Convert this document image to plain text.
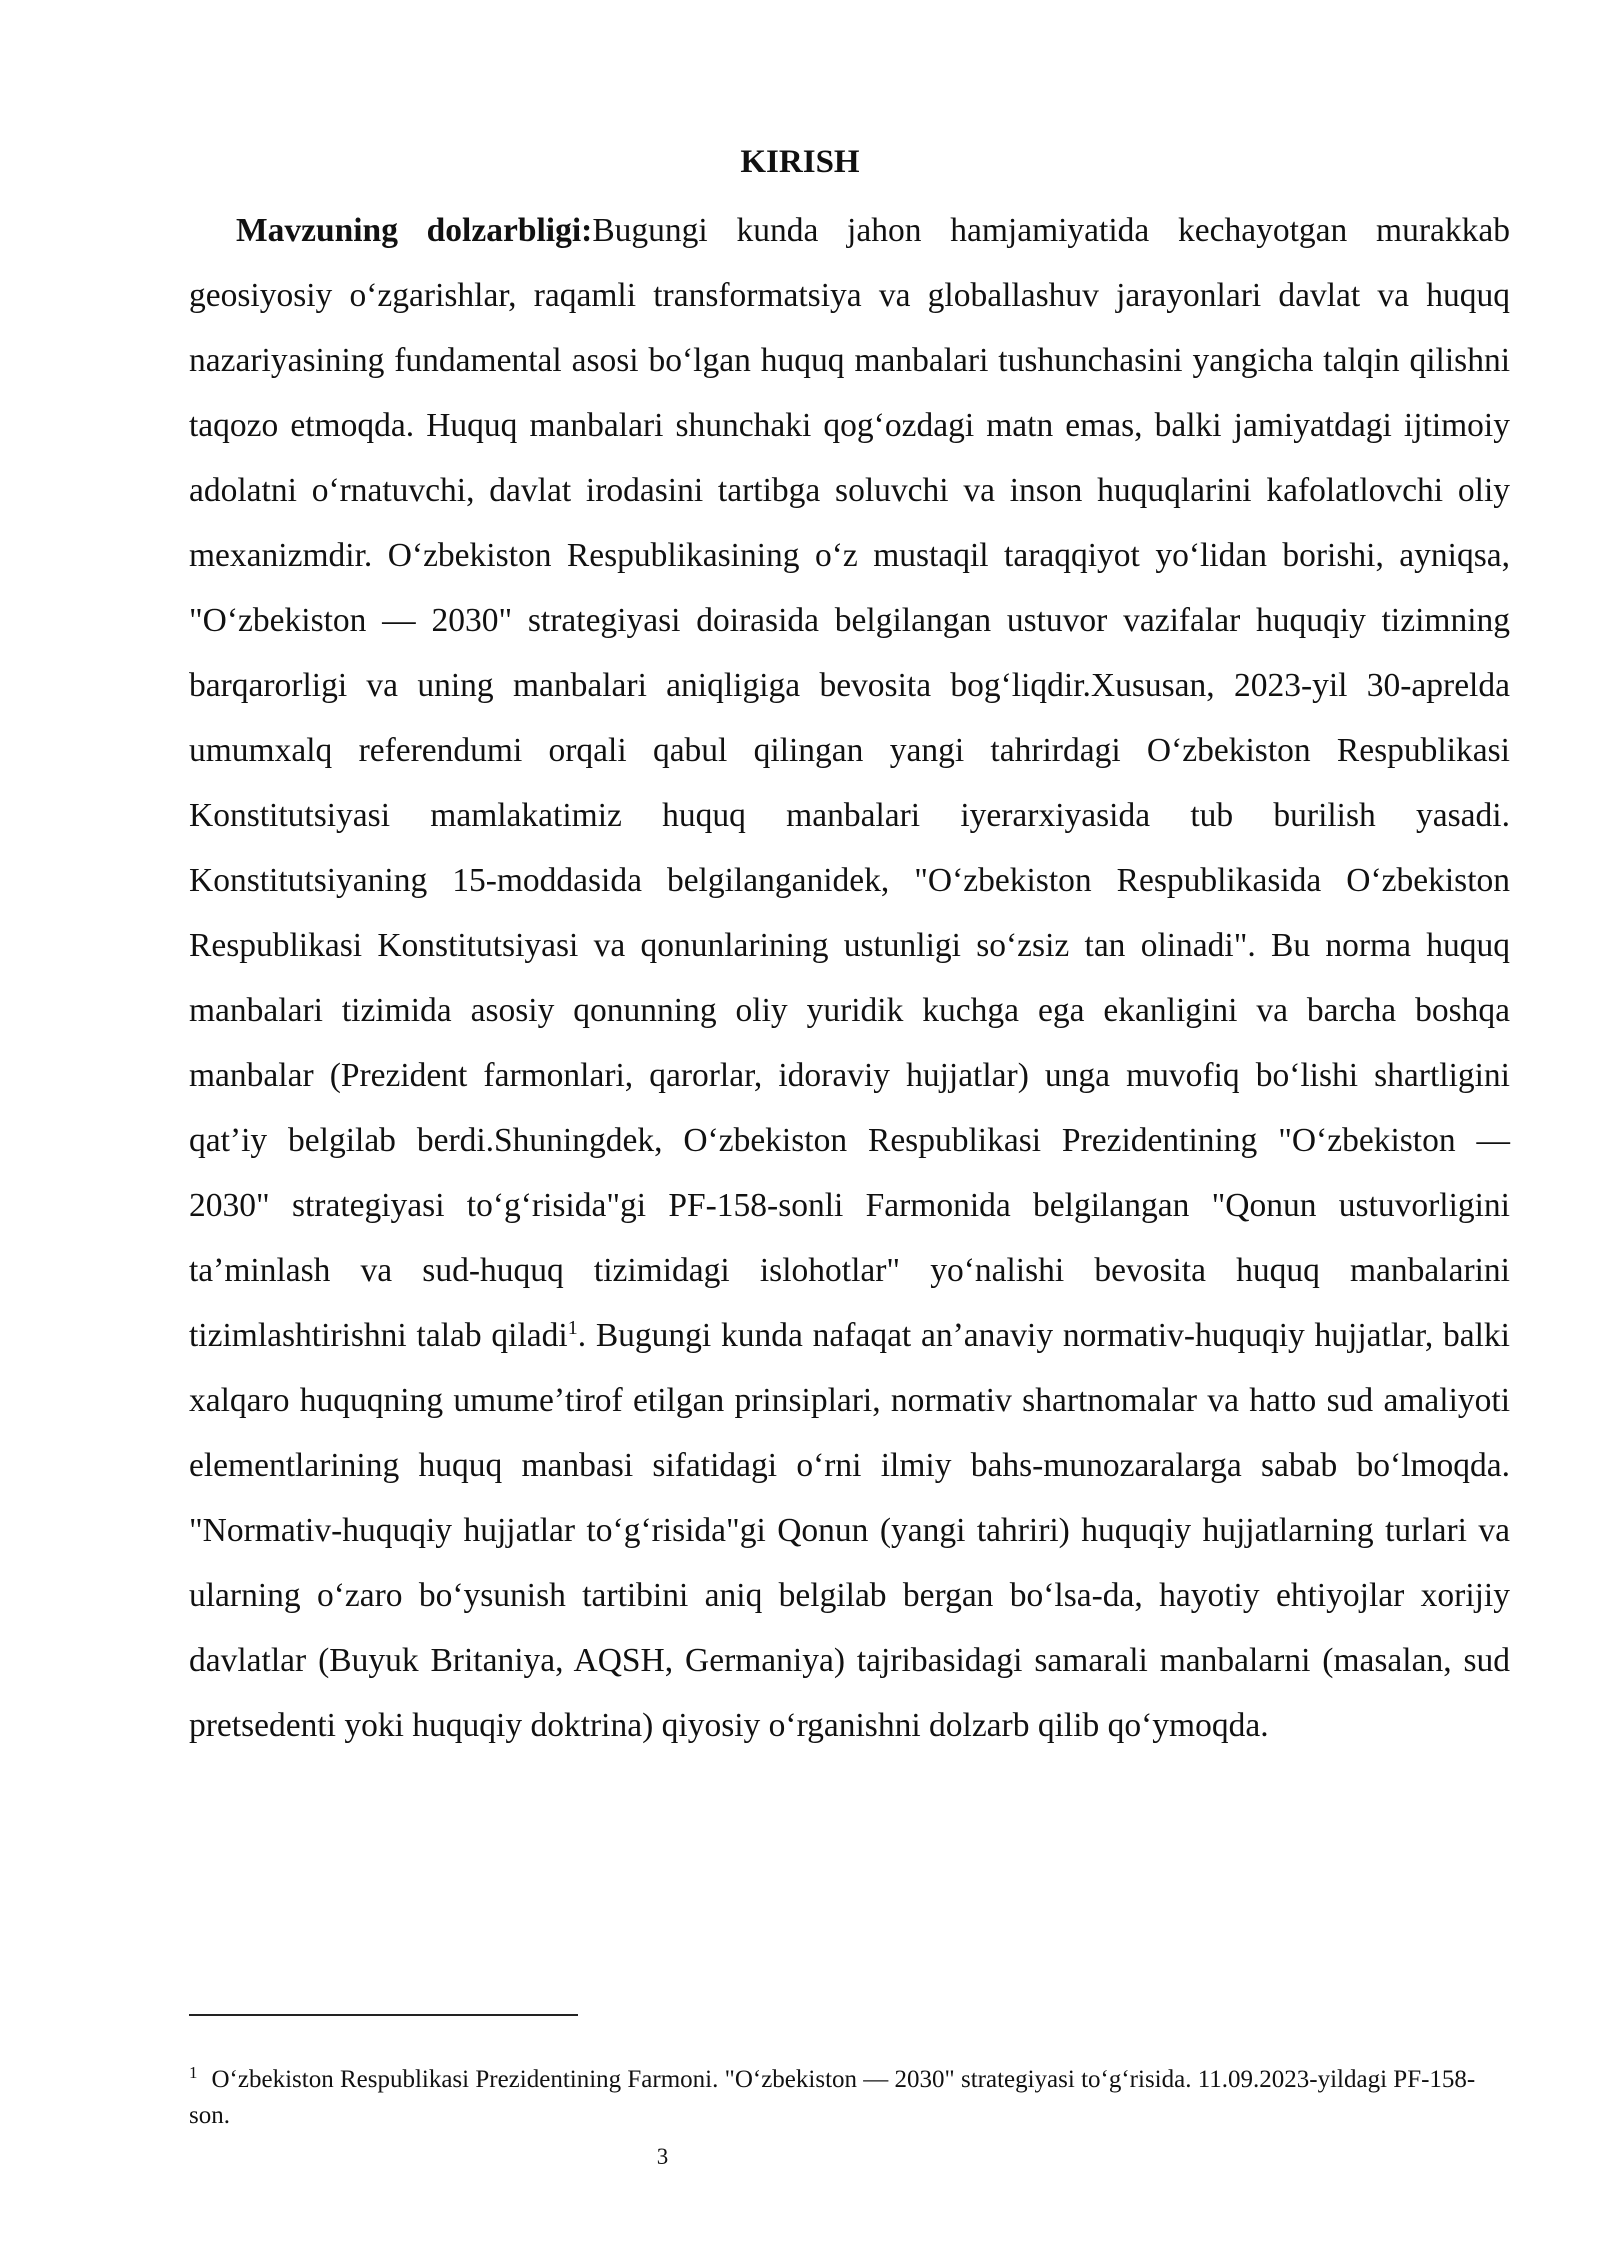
KIRISH

Mavzuning dolzarbligi:Bugungi kunda jahon hamjamiyatida kechayotgan murakkab geosiyosiy oʻzgarishlar, raqamli transformatsiya va globallashuv jarayonlari davlat va huquq nazariyasining fundamental asosi boʻlgan huquq manbalari tushunchasini yangicha talqin qilishni taqozo etmoqda. Huquq manbalari shunchaki qogʻozdagi matn emas, balki jamiyatdagi ijtimoiy adolatni oʻrnatuvchi, davlat irodasini tartibga soluvchi va inson huquqlarini kafolatlovchi oliy mexanizmdir. Oʻzbekiston Respublikasining oʻz mustaqil taraqqiyot yoʻlidan borishi, ayniqsa, "Oʻzbekiston — 2030" strategiyasi doirasida belgilangan ustuvor vazifalar huquqiy tizimning barqarorligi va uning manbalari aniqligiga bevosita bogʻliqdir.Xususan, 2023-yil 30-aprelda umumxalq referendumi orqali qabul qilingan yangi tahrirdagi Oʻzbekiston Respublikasi Konstitutsiyasi mamlakatimiz huquq manbalari iyerarxiyasida tub burilish yasadi. Konstitutsiyaning 15-moddasida belgilanganidek, "Oʻzbekiston Respublikasida Oʻzbekiston Respublikasi Konstitutsiyasi va qonunlarining ustunligi soʻzsiz tan olinadi". Bu norma huquq manbalari tizimida asosiy qonunning oliy yuridik kuchga ega ekanligini va barcha boshqa manbalar (Prezident farmonlari, qarorlar, idoraviy hujjatlar) unga muvofiq boʻlishi shartligini qatʼiy belgilab berdi.Shuningdek, Oʻzbekiston Respublikasi Prezidentining "Oʻzbekiston — 2030" strategiyasi toʻgʻrisida"gi PF-158-sonli Farmonida belgilangan "Qonun ustuvorligini taʼminlash va sud-huquq tizimidagi islohotlar" yoʻnalishi bevosita huquq manbalarini tizimlashtirishni talab qiladi$^1$. Bugungi kunda nafaqat anʼanaviy normativ-huquqiy hujjatlar, balki xalqaro huquqning umumeʼtirof etilgan prinsiplari, normativ shartnomalar va hatto sud amaliyoti elementlarining huquq manbasi sifatidagi oʻrni ilmiy bahs-munozaralarga sabab boʻlmoqda. "Normativ-huquqiy hujjatlar toʻgʻrisida"gi Qonun (yangi tahriri) huquqiy hujjatlarning turlari va ularning oʻzaro boʻysunish tartibini aniq belgilab bergan boʻlsa-da, hayotiy ehtiyojlar xorijiy davlatlar (Buyuk Britaniya, AQSH, Germaniya) tajribasidagi samarali manbalarni (masalan, sud pretsedenti yoki huquqiy doktrina) qiyosiy oʻrganishni dolzarb qilib qoʻymoqda.

$^1$ Oʻzbekiston Respublikasi Prezidentining Farmoni. "Oʻzbekiston — 2030" strategiyasi toʻgʻrisida. 11.09.2023-yildagi PF-158-son.

3
